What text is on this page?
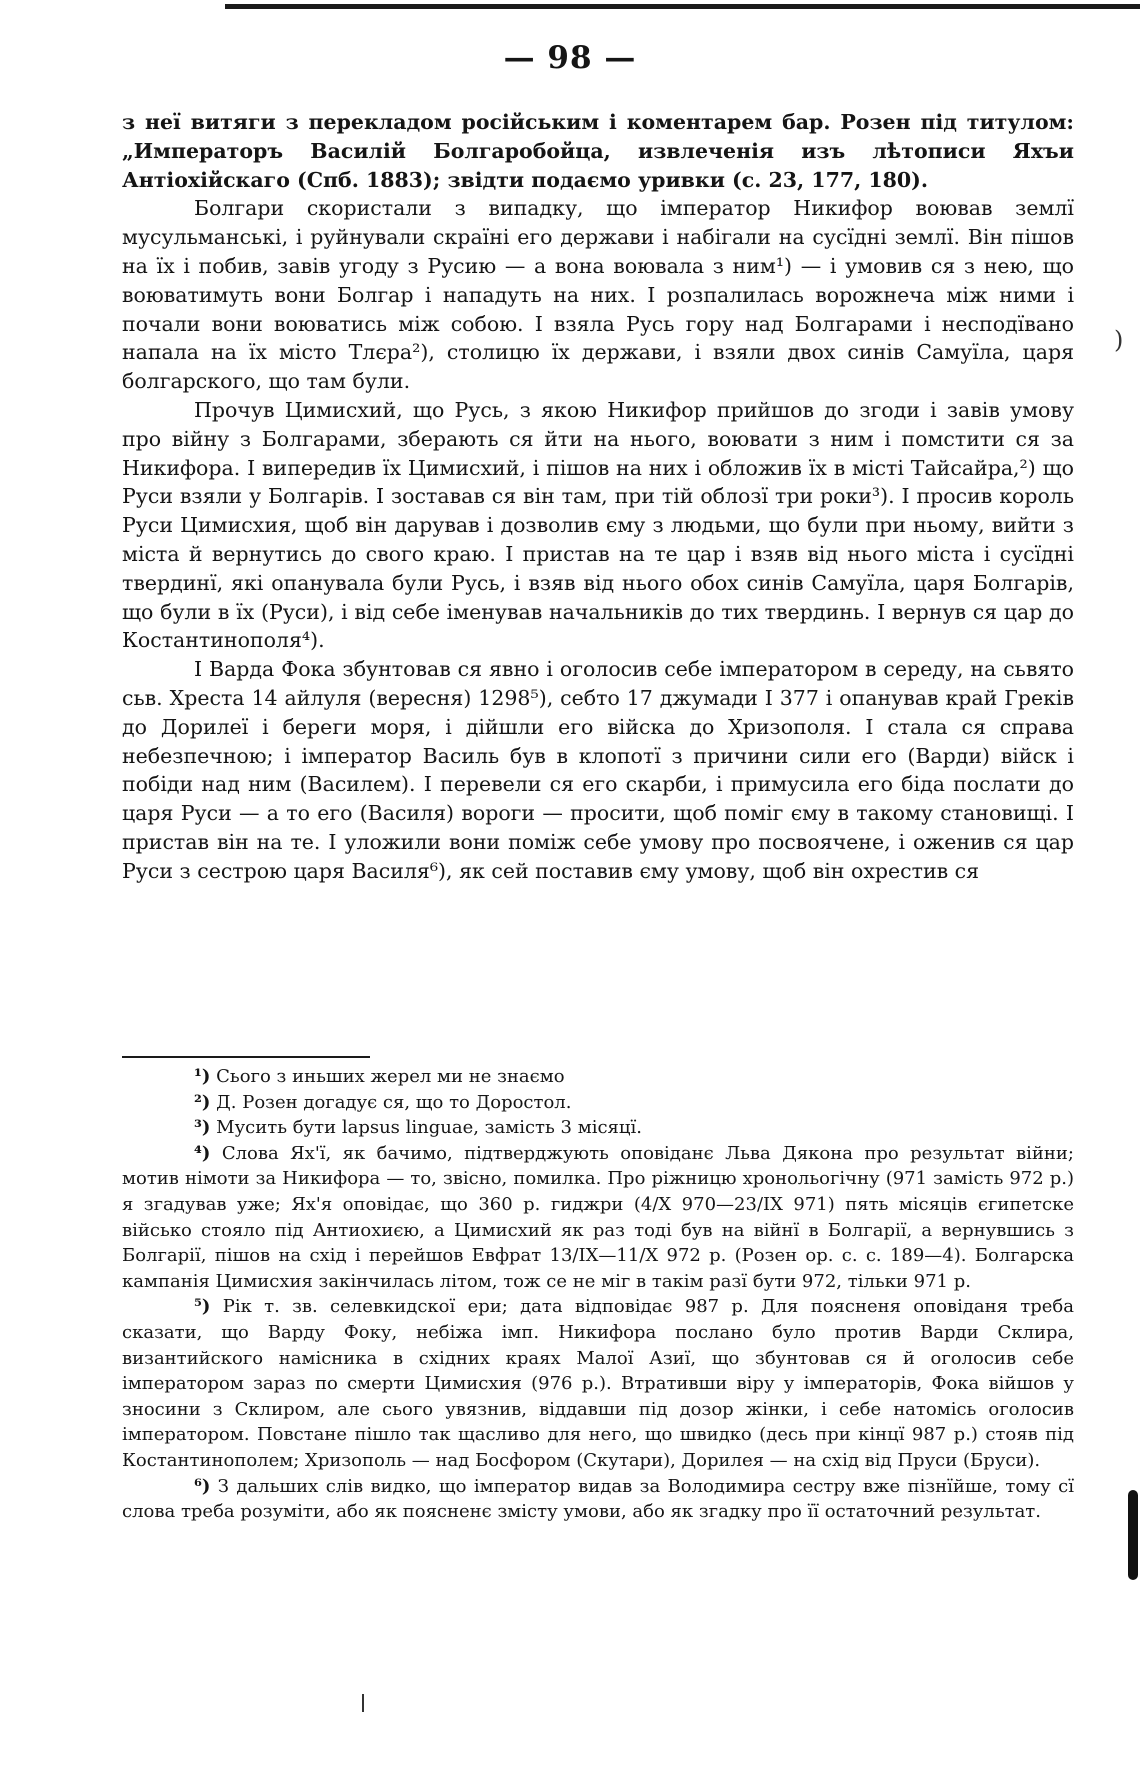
— 98 —

з неї витяги з перекладом російським і коментарем бар. Розен під титулом: „Императоръ Василій Болгаробойца, извлеченія изъ лѣтописи Яхъи Антіохійскаго (Спб. 1883); звідти подаємо уривки (с. 23, 177, 180).

Болгари скористали з випадку, що імператор Никифор воював землї мусульманські, і руйнували скраїні его держави і набігали на сусїдні землї. Він пішов на їх і побив, завів угоду з Русию — а вона воювала з ним¹) — і умовив ся з нею, що воюватимуть вони Болгар і нападуть на них. І розпалилась ворожнеча між ними і почали вони воюватись між собою. І взяла Русь гору над Болгарами і несподївано напала на їх місто Тлєра²), столицю їх держави, і взяли двох синів Самуїла, царя болгарского, що там були.

Прочув Цимисхий, що Русь, з якою Никифор прийшов до згоди і завів умову про війну з Болгарами, зберають ся йти на нього, воювати з ним і помстити ся за Никифора. І випередив їх Цимисхий, і пішов на них і обложив їх в місті Тайсайра,²) що Руси взяли у Болгарів. І зоставав ся він там, при тій облозї три роки³). І просив король Руси Цимисхия, щоб він дарував і дозволив єму з людьми, що були при ньому, вийти з міста й вернутись до свого краю. І пристав на те цар і взяв від нього міста і сусїдні твердинї, які опанувала були Русь, і взяв від нього обох синів Самуїла, царя Болгарів, що були в їх (Руси), і від себе іменував начальників до тих твердинь. І вернув ся цар до Костантинополя⁴).

І Варда Фока збунтовав ся явно і оголосив себе імператором в середу, на сьвято сьв. Хреста 14 айлуля (вересня) 1298⁵), себто 17 джумади І 377 і опанував край Греків до Дорилеї і береги моря, і дійшли его війска до Хризополя. І стала ся справа небезпечною; і імператор Василь був в клопотї з причини сили его (Варди) війск і побіди над ним (Василем). І перевели ся его скарби, і примусила его біда послати до царя Руси — а то его (Василя) вороги — просити, щоб поміг єму в такому становищі. І пристав він на те. І уложили вони поміж себе умову про посвоячене, і оженив ся цар Руси з сестрою царя Василя⁶), як сей поставив єму умову, щоб він охрестив ся

¹) Сього з иньших жерел ми не знаємо

²) Д. Розен догадує ся, що то Доростол.

³) Мусить бути lapsus linguae, замість 3 місяцї.

⁴) Слова Ях'ї, як бачимо, підтверджують оповіданє Льва Дякона про результат війни; мотив німоти за Никифора — то, звісно, помилка. Про ріжницю хронольогічну (971 замість 972 р.) я згадував уже; Ях'я оповідає, що 360 р. гиджри (4/X 970—23/IX 971) пять місяців єгипетске військо стояло під Антиохиєю, а Цимисхий як раз тоді був на війнї в Болгарії, а вернувшись з Болгарії, пішов на схід і перейшов Евфрат 13/IX—11/X 972 р. (Розен ор. с. с. 189—4). Болгарска кампанія Цимисхия закінчилась літом, тож се не міг в такім разї бути 972, тільки 971 р.

⁵) Рік т. зв. селевкидскої ери; дата відповідає 987 р. Для поясненя оповіданя треба сказати, що Варду Фоку, небіжа імп. Никифора послано було против Варди Склира, византийского намісника в східних краях Малої Азиї, що збунтовав ся й оголосив себе імператором зараз по смерти Цимисхия (976 р.). Втративши віру у імператорів, Фока війшов у зносини з Склиром, але сього увязнив, віддавши під дозор жінки, і себе натомісь оголосив імператором. Повстане пішло так щасливо для него, що швидко (десь при кінцї 987 р.) стояв під Костантинополем; Хризополь — над Босфором (Скутари), Дорилея — на схід від Пруси (Бруси).

⁶) З дальших слів видко, що імператор видав за Володимира сестру вже пізнїйше, тому сї слова треба розуміти, або як поясненє змісту умови, або як згадку про її остаточний результат.

)
